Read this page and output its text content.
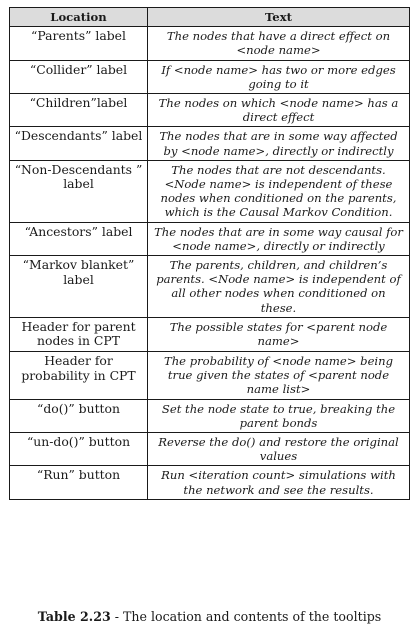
Location	Text
“Parents” label	The nodes that have a direct effect on <node name>
“Collider” label	If <node name> has two or more edges going to it
“Children”label	The nodes on which <node name> has a direct effect
“Descendants” label	The nodes that are in some way affected by <node name>, directly or indirectly
“Non-Descendants ” label	The nodes that are not descendants. <Node name> is independent of these nodes when conditioned on the parents, which is the Causal Markov Condition.
“Ancestors” label	The nodes that are in some way causal for <node name>, directly or indirectly
“Markov blanket” label	The parents, children, and children’s parents. <Node name> is independent of all other nodes when conditioned on these.
Header for parent nodes in CPT	The possible states for <parent node name>
Header for probability in CPT	The probability of <node name> being true given the states of <parent node name list>
“do()” button	Set the node state to true, breaking the parent bonds
“un-do()” button	Reverse the do() and restore the original values
“Run” button	Run <iteration count> simulations with the network and see the results.
Table 2.23 - The location and contents of the tooltips
